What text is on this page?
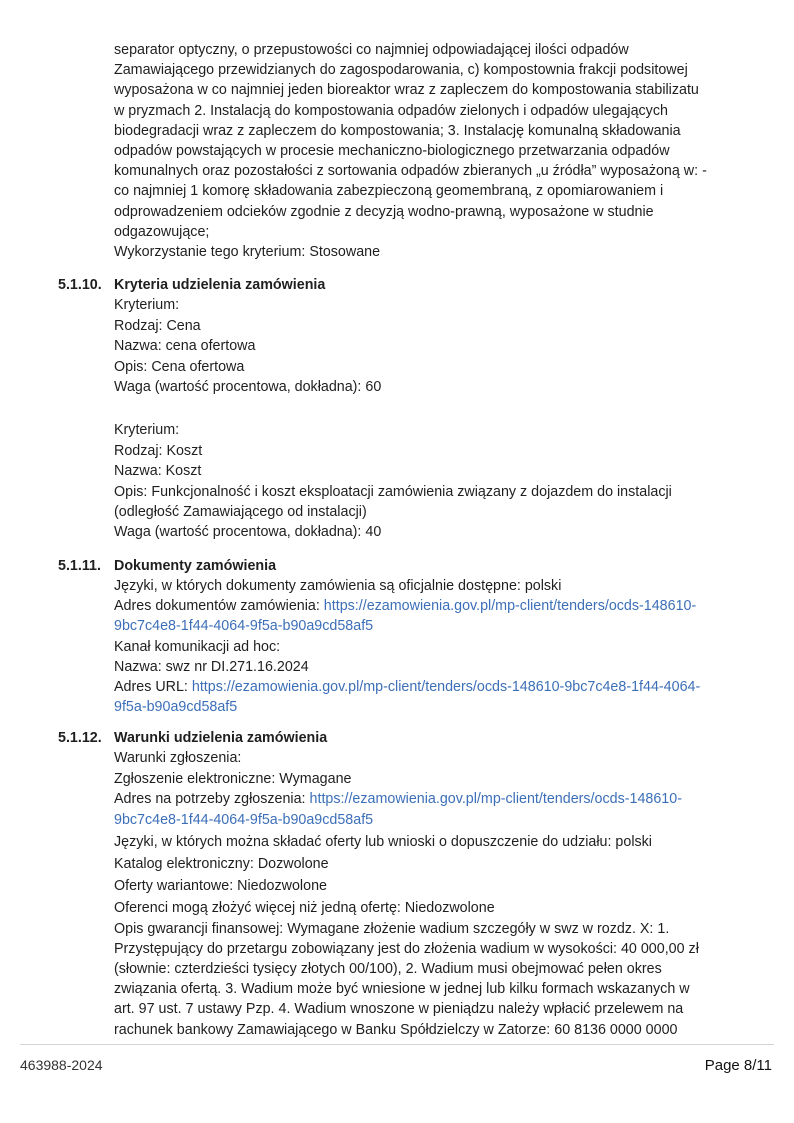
separator optyczny, o przepustowości co najmniej odpowiadającej ilości odpadów
Zamawiającego przewidzianych do zagospodarowania, c) kompostownia frakcji podsitowej
wyposażona w co najmniej jeden bioreaktor wraz z zapleczem do kompostowania stabilizatu
w pryzmach 2. Instalacją do kompostowania odpadów zielonych i odpadów ulegających
biodegradacji wraz z zapleczem do kompostowania; 3. Instalację komunalną składowania
odpadów powstających w procesie mechaniczno-biologicznego przetwarzania odpadów
komunalnych oraz pozostałości z sortowania odpadów zbieranych „u źródła” wyposażoną w: -
co najmniej 1 komorę składowania zabezpieczoną geomembraną, z opomiarowaniem i
odprowadzeniem odcieków zgodnie z decyzją wodno-prawną, wyposażone w studnie
odgazowujące;
Wykorzystanie tego kryterium: Stosowane
5.1.10. Kryteria udzielenia zamówienia
Kryterium:
Rodzaj: Cena
Nazwa: cena ofertowa
Opis: Cena ofertowa
Waga (wartość procentowa, dokładna): 60
Kryterium:
Rodzaj: Koszt
Nazwa: Koszt
Opis: Funkcjonalność i koszt eksploatacji zamówienia związany z dojazdem do instalacji
(odległość Zamawiającego od instalacji)
Waga (wartość procentowa, dokładna): 40
5.1.11. Dokumenty zamówienia
Języki, w których dokumenty zamówienia są oficjalnie dostępne: polski
Adres dokumentów zamówienia: https://ezamowienia.gov.pl/mp-client/tenders/ocds-148610-
9bc7c4e8-1f44-4064-9f5a-b90a9cd58af5
Kanał komunikacji ad hoc:
Nazwa: swz nr DI.271.16.2024
Adres URL: https://ezamowienia.gov.pl/mp-client/tenders/ocds-148610-9bc7c4e8-1f44-4064-
9f5a-b90a9cd58af5
5.1.12. Warunki udzielenia zamówienia
Warunki zgłoszenia:
Zgłoszenie elektroniczne: Wymagane
Adres na potrzeby zgłoszenia: https://ezamowienia.gov.pl/mp-client/tenders/ocds-148610-
9bc7c4e8-1f44-4064-9f5a-b90a9cd58af5
Języki, w których można składać oferty lub wnioski o dopuszczenie do udziału: polski
Katalog elektroniczny: Dozwolone
Oferty wariantowe: Niedozwolone
Oferenci mogą złożyć więcej niż jedną ofertę: Niedozwolone
Opis gwarancji finansowej: Wymagane złożenie wadium szczegóły w swz w rozdz. X: 1.
Przystępujący do przetargu zobowiązany jest do złożenia wadium w wysokości: 40 000,00 zł
(słownie: czterdzieści tysięcy złotych 00/100), 2. Wadium musi obejmować pełen okres
związania ofertą. 3. Wadium może być wniesione w jednej lub kilku formach wskazanych w
art. 97 ust. 7 ustawy Pzp. 4. Wadium wnoszone w pieniądzu należy wpłacić przelewem na
rachunek bankowy Zamawiającego w Banku Spółdzielczy w Zatorze: 60 8136 0000 0000
463988-2024	Page 8/11
